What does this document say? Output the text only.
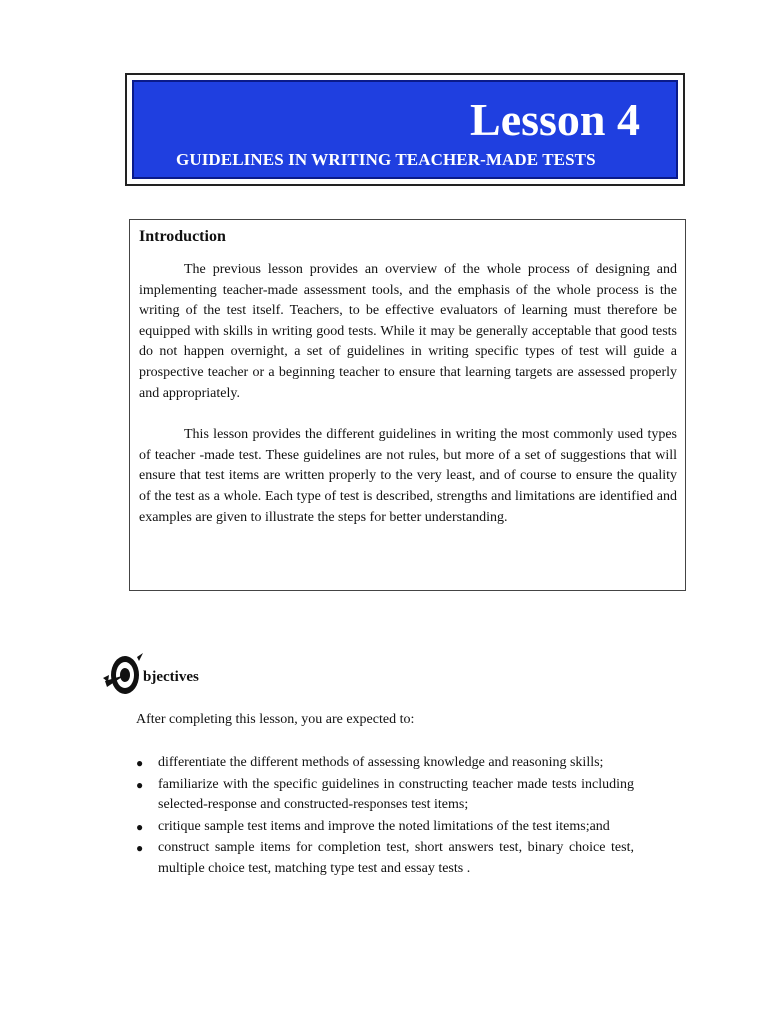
Lesson 4
GUIDELINES IN WRITING TEACHER-MADE TESTS
Introduction

The previous lesson provides an overview of the whole process of designing and implementing teacher-made assessment tools, and the emphasis of the whole process is the writing of the test itself. Teachers, to be effective evaluators of learning must therefore be equipped with skills in writing good tests. While it may be generally acceptable that good tests do not happen overnight, a set of guidelines in writing specific types of test will guide a prospective teacher or a beginning teacher to ensure that learning targets are assessed properly and appropriately.

This lesson provides the different guidelines in writing the most commonly used types of teacher -made test. These guidelines are not rules, but more of a set of suggestions that will ensure that test items are written properly to the very least, and of course to ensure the quality of the test as a whole. Each type of test is described, strengths and limitations are identified and examples are given to illustrate the steps for better understanding.

bjectives
After completing this lesson, you are expected to:
● differentiate the different methods of assessing knowledge and reasoning skills;
● familiarize with the specific guidelines in constructing teacher made tests including selected-response and constructed-responses test items;
● critique sample test items and improve the noted limitations of the test items;and
● construct sample items for completion test, short answers test, binary choice test, multiple choice test, matching type test and essay tests .
